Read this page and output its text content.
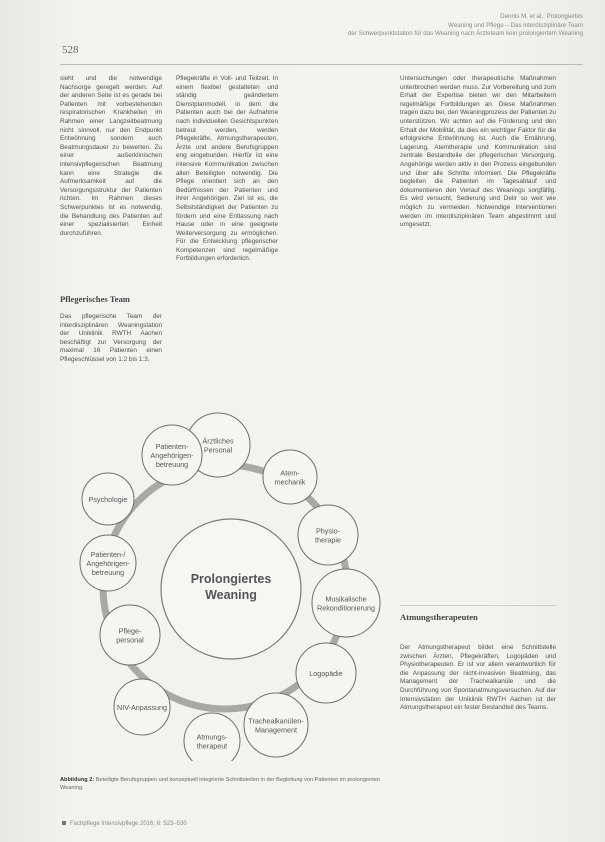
528
Dennis M. et al.: Prolongiertes
Weaning und Pflege – Das interdisziplinäre Team
der Schwerpunktstation für das Weaning nach Ärzteteam kein prolongiertem Weaning

sieht und die notwendige Nachsorge geregelt werden. Auf der anderen Seite ist es gerade bei Patienten mit vorbestehenden respiratorischen Krankheiten im Rahmen einer Langzeitbeatmung nicht sinnvoll, nur den Endpunkt Entwöhnung sondern auch Beatmungsdauer zu bewerten. Zu einer außerklinischen intensivpflegerischen Beatmung kann eine Strategie die Aufmerksamkeit auf die Versorgungsstruktur der Patienten richten. Im Rahmen dieses Schwerpunktes ist es notwendig, die Behandlung des Patienten auf einer spezialisierten Einheit durchzuführen.

Pflegerisches Team

Das pflegerische Team der interdisziplinären Weaningstation der Uniklinik RWTH Aachen beschäftigt zur Versorgung der maximal 16 Patienten einen Pflegeschlüssel von 1:2 bis 1:3.

Pflegekräfte in Voll- und Teilzeit. In einem flexibel gestalteten und ständig geändertem Dienstplanmodell, in dem die Patienten auch bei der Aufnahme nach individuellen Gesichtspunkten betreut werden, werden Pflegekräfte, Atmungstherapeuten, Ärzte und andere Berufsgruppen eng eingebunden. Hierfür ist eine intensive Kommunikation zwischen allen Beteiligten notwendig. Die Pflege orientiert sich an den Bedürfnissen der Patienten und ihrer Angehörigen. Ziel ist es, die Selbstständigkeit der Patienten zu fördern und eine Entlassung nach Hause oder in eine geeignete Weiterversorgung zu ermöglichen. Für die Entwicklung pflegerischer Kompetenzen sind regelmäßige Fortbildungen erforderlich.

Untersuchungen oder therapeutische Maßnahmen unterbrochen werden muss. Zur Vorbereitung und zum Erhalt der Expertise bieten wir den Mitarbeitern regelmäßige Fortbildungen an. Diese Maßnahmen tragen dazu bei, den Weaningprozess der Patienten zu unterstützen. Wir achten auf die Förderung und den Erhalt der Mobilität, da dies ein wichtiger Faktor für die erfolgreiche Entwöhnung ist. Auch die Ernährung, Lagerung, Atemtherapie und Kommunikation sind zentrale Bestandteile der pflegerischen Versorgung. Angehörige werden aktiv in den Prozess eingebunden und über alle Schritte informiert. Die Pflegekräfte begleiten die Patienten im Tagesablauf und dokumentieren den Verlauf des Weanings sorgfältig. Es wird versucht, Sedierung und Delir so weit wie möglich zu vermeiden. Notwendige Interventionen werden im interdisziplinären Team abgestimmt und umgesetzt.

Atmungstherapeuten

Der Atmungstherapeut bildet eine Schnittstelle zwischen Ärzten, Pflegekräften, Logopäden und Physiotherapeuten. Er ist vor allem verantwortlich für die Anpassung der nicht-invasiven Beatmung, das Management der Trachealkanüle und die Durchführung von Spontanatmungsversuchen. Auf der Intensivstation der Uniklinik RWTH Aachen ist der Atmungstherapeut ein fester Bestandteil des Teams.

Prolongiertes
Weaning
Ärztliches
Personal
Atem-
mechanik
Physio-
therapie
Musikalische
Rekonditionierung
Logopädie
Trachealkanülen-
Management
Atmungs-
therapeut
NIV-Anpassung
Pflege-
personal
Patienten-/
Angehörigen-
betreuung
Psychologie
Patienten-
Angehörigen-
betreuung
Abbildung 2: Beteiligte Berufsgruppen und konzeptuell integrierte Schnittstellen in der Begleitung von Patienten im prolongierten Weaning.
Fachpflege Intensivpflege 2016; 6: 523–530
